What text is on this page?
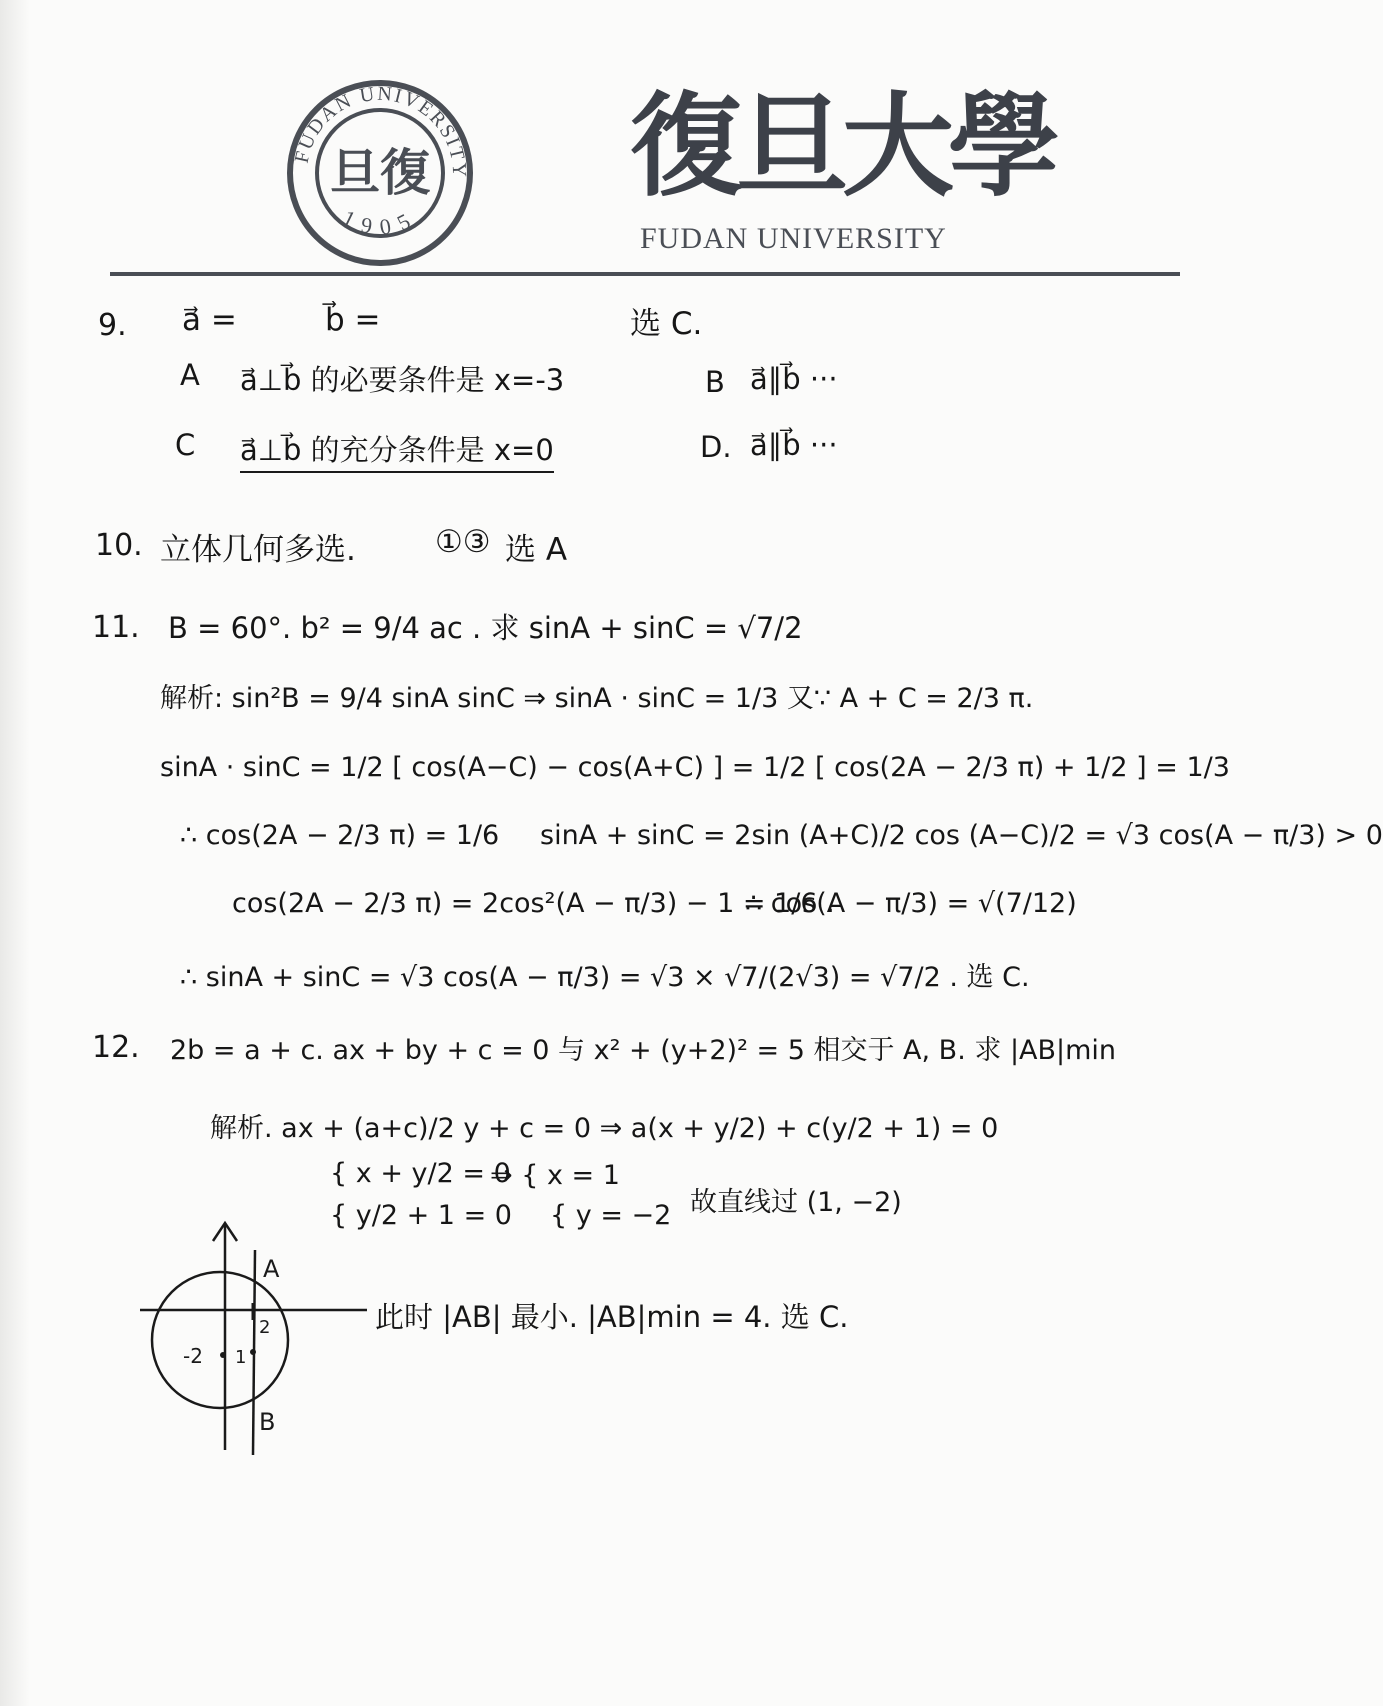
FUDAN UNIVERSITY
1905
旦復 復旦大學
FUDAN UNIVERSITY
9. a⃗ =	b⃗ =	选 C.
A a⃗⊥b⃗ 的必要条件是 x=-3	B a⃗∥b⃗ ···
C a⃗⊥b⃗ 的充分条件是 x=0	D. a⃗∥b⃗ ···
10. 立体几何多选.	①③ 选 A
11. B = 60°. b² = 9/4 ac . 求 sinA + sinC = √7/2
解析: sin²B = 9/4 sinA sinC ⇒ sinA · sinC = 1/3 又∵ A + C = 2/3 π.
sinA · sinC = 1/2 [ cos(A−C) − cos(A+C) ] = 1/2 [ cos(2A − 2/3 π) + 1/2 ] = 1/3
∴ cos(2A − 2/3 π) = 1/6 sinA + sinC = 2sin (A+C)/2 cos (A−C)/2 = √3 cos(A − π/3) > 0
cos(2A − 2/3 π) = 2cos²(A − π/3) − 1 = 1/6 .
∴ cos(A − π/3) = √(7/12)
∴ sinA + sinC = √3 cos(A − π/3) = √3 × √7/(2√3) = √7/2 . 选 C.
12. 2b = a + c. ax + by + c = 0 与 x² + (y+2)² = 5 相交于 A, B. 求 |AB|min
解析. ax + (a+c)/2 y + c = 0 ⇒ a(x + y/2) + c(y/2 + 1) = 0
{ x + y/2 = 0
{ y/2 + 1 = 0
⇒ { x = 1
{ y = −2 故直线过 (1, −2)
A
B
-2
2
1
此时 |AB| 最小. |AB|min = 4. 选 C.
